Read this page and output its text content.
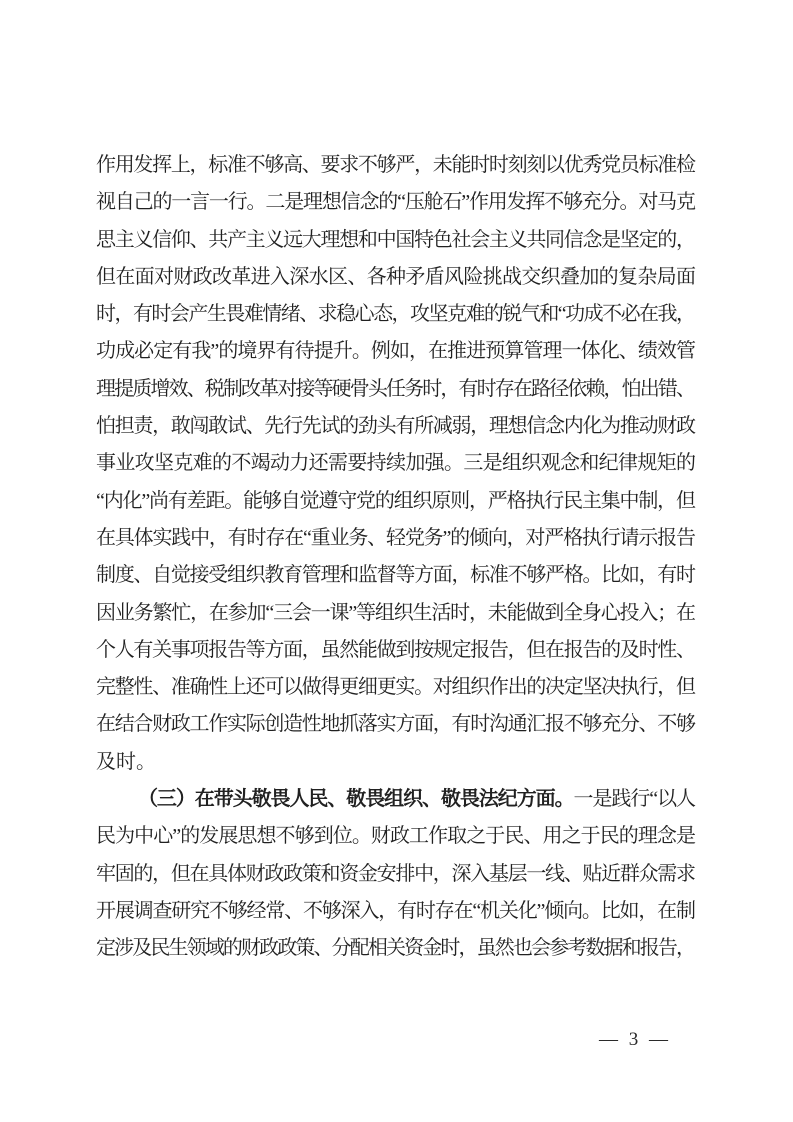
作用发挥上，标准不够高、要求不够严，未能时时刻刻以优秀党员标准检
视自己的一言一行。二是理想信念的“压舱石”作用发挥不够充分。对马克
思主义信仰、共产主义远大理想和中国特色社会主义共同信念是坚定的，
但在面对财政改革进入深水区、各种矛盾风险挑战交织叠加的复杂局面
时，有时会产生畏难情绪、求稳心态，攻坚克难的锐气和“功成不必在我，
功成必定有我”的境界有待提升。例如，在推进预算管理一体化、绩效管
理提质增效、税制改革对接等硬骨头任务时，有时存在路径依赖，怕出错、
怕担责，敢闯敢试、先行先试的劲头有所减弱，理想信念内化为推动财政
事业攻坚克难的不竭动力还需要持续加强。三是组织观念和纪律规矩的
“内化”尚有差距。能够自觉遵守党的组织原则，严格执行民主集中制，但
在具体实践中，有时存在“重业务、轻党务”的倾向，对严格执行请示报告
制度、自觉接受组织教育管理和监督等方面，标准不够严格。比如，有时
因业务繁忙，在参加“三会一课”等组织生活时，未能做到全身心投入；在
个人有关事项报告等方面，虽然能做到按规定报告，但在报告的及时性、
完整性、准确性上还可以做得更细更实。对组织作出的决定坚决执行，但
在结合财政工作实际创造性地抓落实方面，有时沟通汇报不够充分、不够
及时。
（三）在带头敬畏人民、敬畏组织、敬畏法纪方面。一是践行“以人
民为中心”的发展思想不够到位。财政工作取之于民、用之于民的理念是
牢固的，但在具体财政政策和资金安排中，深入基层一线、贴近群众需求
开展调查研究不够经常、不够深入，有时存在“机关化”倾向。比如，在制
定涉及民生领域的财政政策、分配相关资金时，虽然也会参考数据和报告，
— 3 —
